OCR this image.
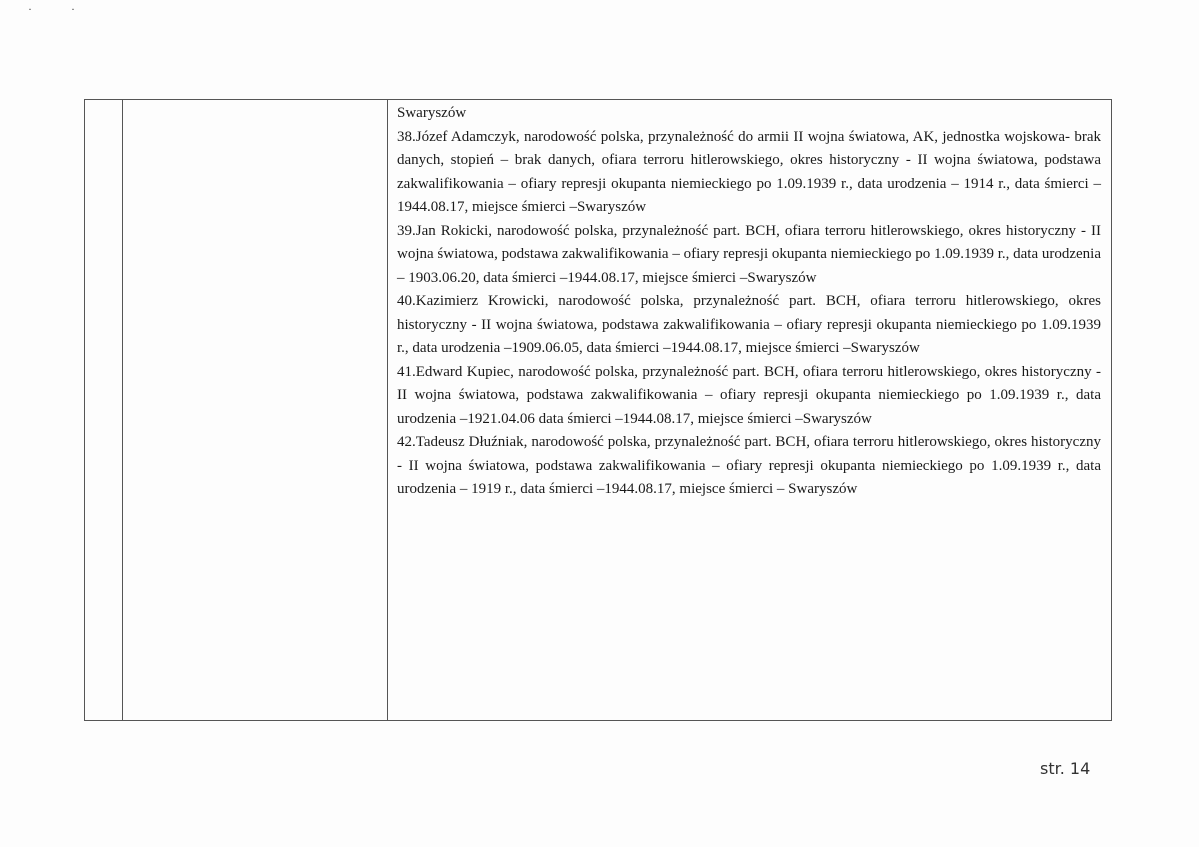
· ·

Swaryszów

38.Józef Adamczyk, narodowość polska, przynależność do armii II wojna światowa, AK, jednostka wojskowa- brak danych, stopień – brak danych, ofiara terroru hitlerowskiego, okres historyczny - II wojna światowa, podstawa zakwalifikowania – ofiary represji okupanta niemieckiego po 1.09.1939 r., data urodzenia – 1914 r., data śmierci –1944.08.17, miejsce śmierci –Swaryszów

39.Jan Rokicki, narodowość polska, przynależność part. BCH, ofiara terroru hitlerowskiego, okres historyczny - II wojna światowa, podstawa zakwalifikowania – ofiary represji okupanta niemieckiego po 1.09.1939 r., data urodzenia – 1903.06.20, data śmierci –1944.08.17, miejsce śmierci –Swaryszów

40.Kazimierz Krowicki, narodowość polska, przynależność part. BCH, ofiara terroru hitlerowskiego, okres historyczny - II wojna światowa, podstawa zakwalifikowania – ofiary represji okupanta niemieckiego po 1.09.1939 r., data urodzenia –1909.06.05, data śmierci –1944.08.17, miejsce śmierci –Swaryszów

41.Edward Kupiec, narodowość polska, przynależność part. BCH, ofiara terroru hitlerowskiego, okres historyczny - II wojna światowa, podstawa zakwalifikowania – ofiary represji okupanta niemieckiego po 1.09.1939 r., data urodzenia –1921.04.06 data śmierci –1944.08.17, miejsce śmierci –Swaryszów

42.Tadeusz Dłuźniak, narodowość polska, przynależność part. BCH, ofiara terroru hitlerowskiego, okres historyczny - II wojna światowa, podstawa zakwalifikowania – ofiary represji okupanta niemieckiego po 1.09.1939 r., data urodzenia – 1919 r., data śmierci –1944.08.17, miejsce śmierci – Swaryszów

str. 14
